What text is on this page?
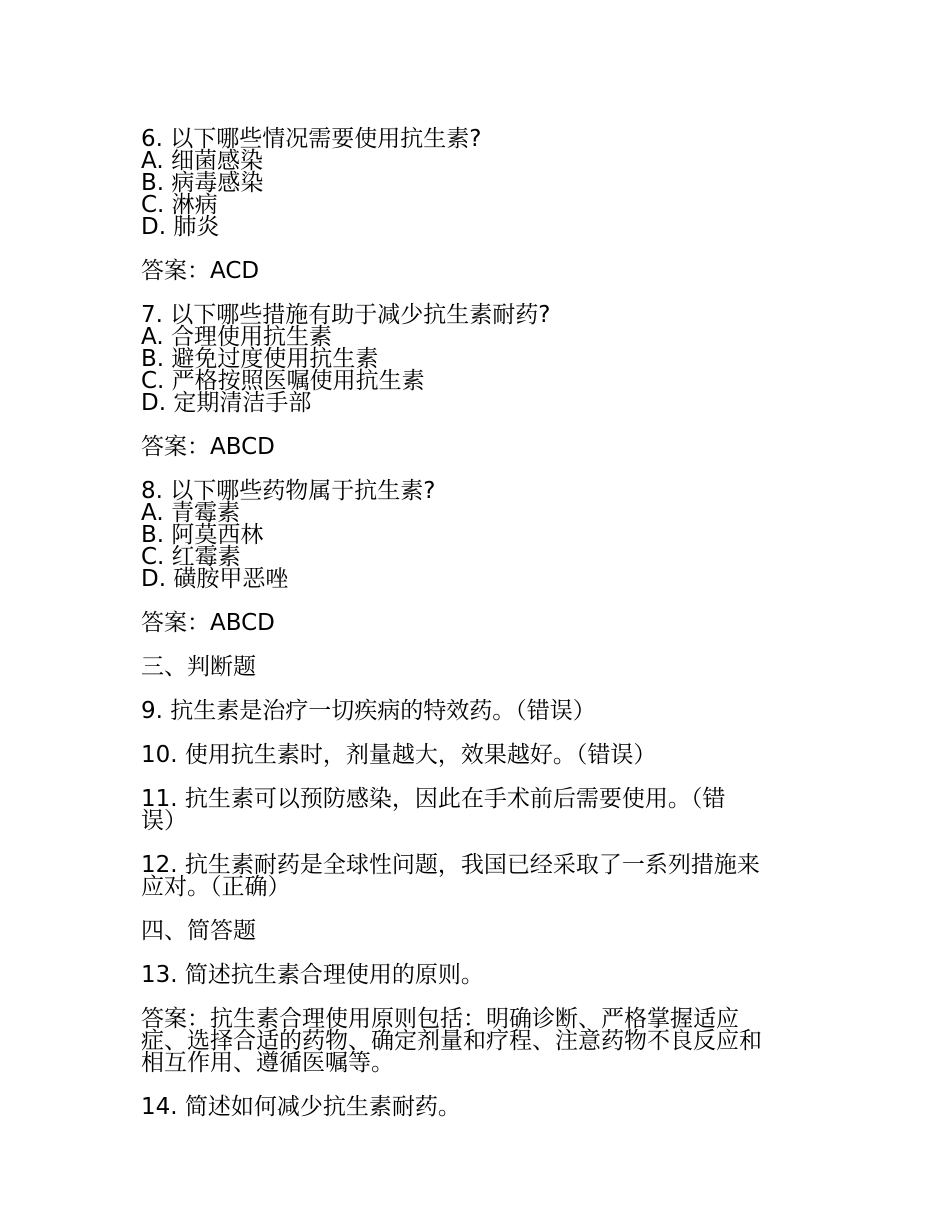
6. 以下哪些情况需要使用抗生素?
A. 细菌感染
B. 病毒感染
C. 淋病
D. 肺炎

答案：ACD

7. 以下哪些措施有助于减少抗生素耐药?
A. 合理使用抗生素
B. 避免过度使用抗生素
C. 严格按照医嘱使用抗生素
D. 定期清洁手部

答案：ABCD

8. 以下哪些药物属于抗生素?
A. 青霉素
B. 阿莫西林
C. 红霉素
D. 磺胺甲恶唑

答案：ABCD

三、判断题

9. 抗生素是治疗一切疾病的特效药。（错误）
10. 使用抗生素时，剂量越大，效果越好。（错误）
11. 抗生素可以预防感染，因此在手术前后需要使用。（错
误）
12. 抗生素耐药是全球性问题，我国已经采取了一系列措施来
应对。（正确）

四、简答题

13. 简述抗生素合理使用的原则。

答案：抗生素合理使用原则包括：明确诊断、严格掌握适应
症、选择合适的药物、确定剂量和疗程、注意药物不良反应和
相互作用、遵循医嘱等。

14. 简述如何减少抗生素耐药。
